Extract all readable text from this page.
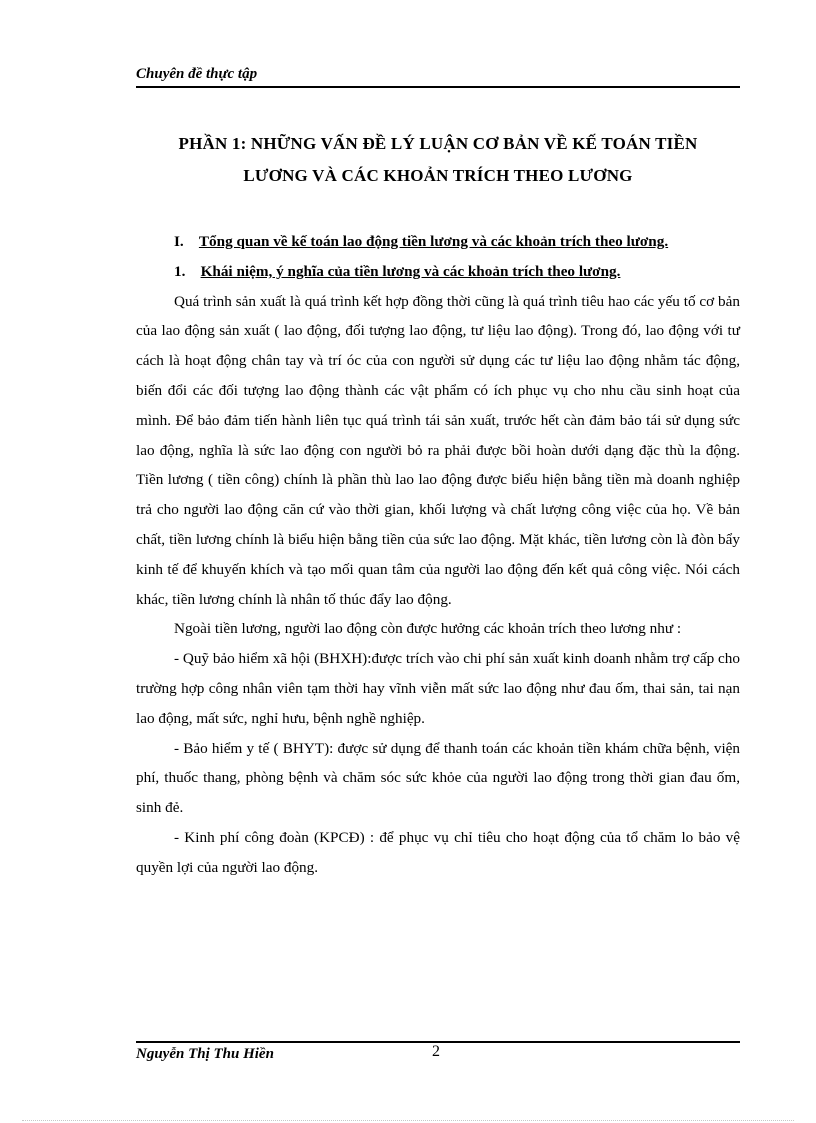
Chuyên đề thực tập
PHẦN 1: NHỮNG VẤN ĐỀ LÝ LUẬN CƠ BẢN VỀ KẾ TOÁN TIỀN
LƯƠNG VÀ CÁC KHOẢN TRÍCH THEO LƯƠNG

I. Tổng quan về kế toán lao động tiền lương và các khoản trích theo lương.

1. Khái niệm, ý nghĩa của tiền lương và các khoản trích theo lương.

Quá trình sản xuất là quá trình kết hợp đồng thời cũng là quá trình tiêu hao các yếu tố cơ bản của lao động sản xuất ( lao động, đối tượng lao động, tư liệu lao động). Trong đó, lao động với tư cách là hoạt động chân tay và trí óc của con người sử dụng các tư liệu lao động nhằm tác động, biến đổi các đối tượng lao động thành các vật phẩm có ích phục vụ cho nhu cầu sinh hoạt của mình. Để bảo đảm tiến hành liên tục quá trình tái sản xuất, trước hết càn đảm bảo tái sử dụng sức lao động, nghĩa là sức lao động con người bỏ ra phải được bồi hoàn dưới dạng đặc thù la động. Tiền lương ( tiền công) chính là phần thù lao lao động được biểu hiện bằng tiền mà doanh nghiệp trả cho người lao động căn cứ vào thời gian, khối lượng và chất lượng công việc của họ. Về bản chất, tiền lương chính là biểu hiện bằng tiền của sức lao động. Mặt khác, tiền lương còn là đòn bẩy kinh tế để khuyến khích và tạo mối quan tâm của người lao động đến kết quả công việc. Nói cách khác, tiền lương chính là nhân tố thúc đẩy lao động.

Ngoài tiền lương, người lao động còn được hưởng các khoản trích theo lương như :

- Quỹ bảo hiểm xã hội (BHXH):được trích vào chi phí sản xuất kinh doanh nhằm trợ cấp cho trường hợp công nhân viên tạm thời hay vĩnh viễn mất sức lao động như đau ốm, thai sản, tai nạn lao động, mất sức, nghỉ hưu, bệnh nghề nghiệp.

- Bảo hiểm y tế ( BHYT): được sử dụng để thanh toán các khoản tiền khám chữa bệnh, viện phí, thuốc thang, phòng bệnh và chăm sóc sức khỏe của người lao động trong thời gian đau ốm, sinh đẻ.

- Kinh phí công đoàn (KPCĐ) : để phục vụ chỉ tiêu cho hoạt động của tổ chăm lo bảo vệ quyền lợi của người lao động.

Nguyễn Thị Thu Hiền	2
